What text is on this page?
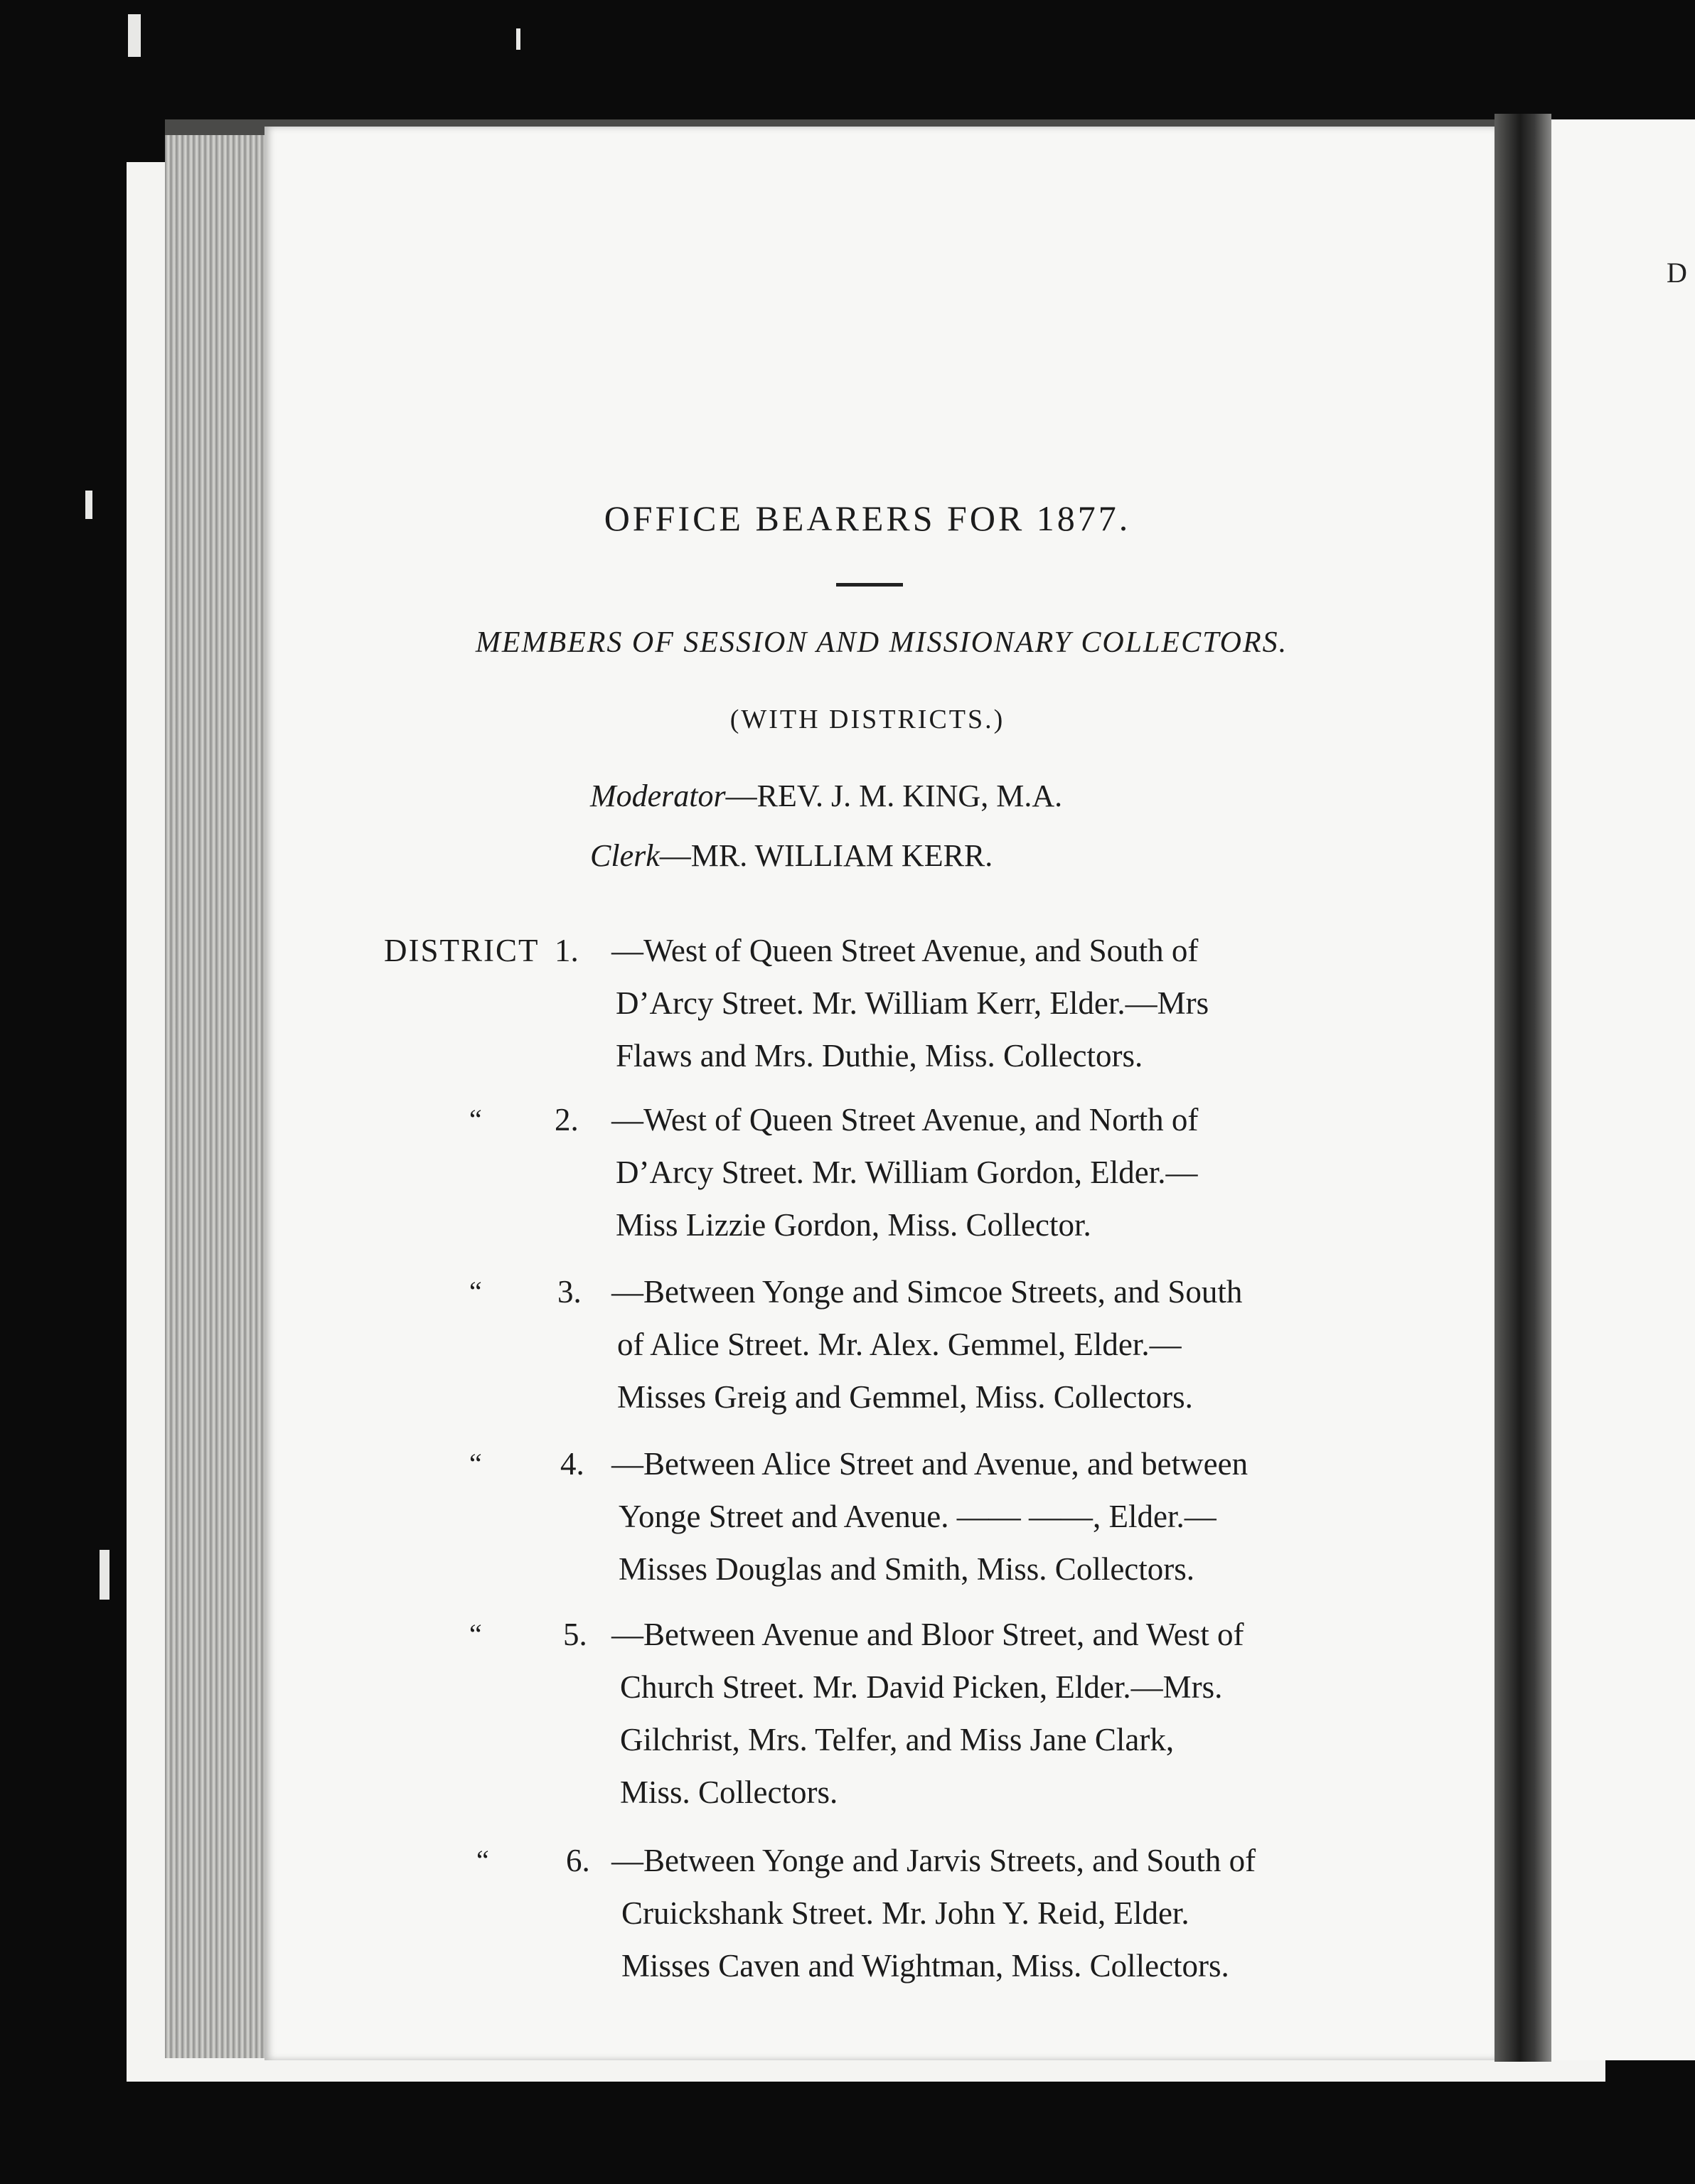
D
OFFICE BEARERS FOR 1877.
MEMBERS OF SESSION AND MISSIONARY COLLECTORS.
(WITH DISTRICTS.)
Moderator—REV. J. M. KING, M.A.
Clerk—MR. WILLIAM KERR.
DISTRICT 1.	—West of Queen Street Avenue, and South of
D’Arcy Street. Mr. William Kerr, Elder.—Mrs
Flaws and Mrs. Duthie, Miss. Collectors.
“	2.	—West of Queen Street Avenue, and North of
D’Arcy Street. Mr. William Gordon, Elder.—
Miss Lizzie Gordon, Miss. Collector.
“	3. —Between Yonge and Simcoe Streets, and South
of Alice Street. Mr. Alex. Gemmel, Elder.—
Misses Greig and Gemmel, Miss. Collectors.
“	4. —Between Alice Street and Avenue, and between
Yonge Street and Avenue. —— ——, Elder.—
Misses Douglas and Smith, Miss. Collectors.
“	5. —Between Avenue and Bloor Street, and West of
Church Street. Mr. David Picken, Elder.—Mrs.
Gilchrist, Mrs. Telfer, and Miss Jane Clark,
Miss. Collectors.
“	6. —Between Yonge and Jarvis Streets, and South of
Cruickshank Street. Mr. John Y. Reid, Elder.
Misses Caven and Wightman, Miss. Collectors.
